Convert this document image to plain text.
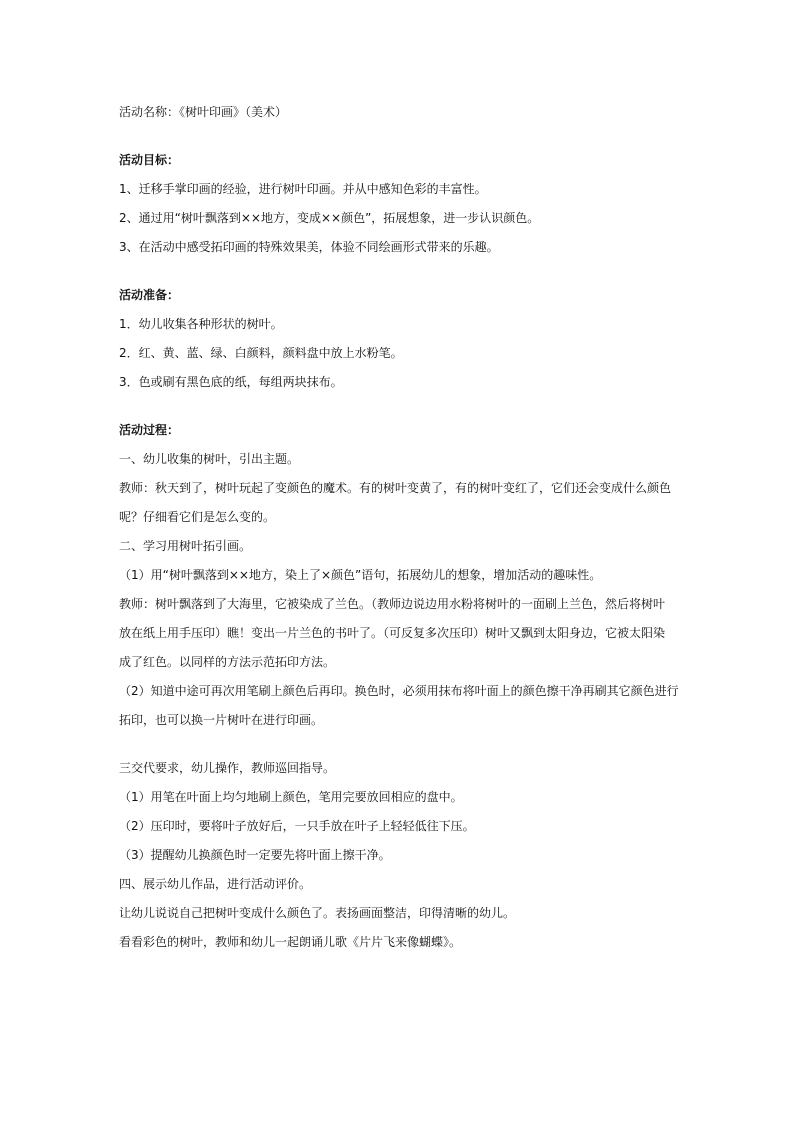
活动名称：《树叶印画》（美术）
活动目标：
1、迁移手掌印画的经验，进行树叶印画。并从中感知色彩的丰富性。
2、通过用“树叶飘落到××地方，变成××颜色”，拓展想象，进一步认识颜色。
3、在活动中感受拓印画的特殊效果美，体验不同绘画形式带来的乐趣。
活动准备：
1．幼儿收集各种形状的树叶。
2．红、黄、蓝、绿、白颜料，颜料盘中放上水粉笔。
3．色或刷有黑色底的纸，每组两块抹布。
活动过程：
一、幼儿收集的树叶，引出主题。
教师：秋天到了，树叶玩起了变颜色的魔术。有的树叶变黄了，有的树叶变红了，它们还会变成什么颜色
呢？仔细看它们是怎么变的。
二、学习用树叶拓引画。
（1）用“树叶飘落到××地方，染上了×颜色”语句，拓展幼儿的想象，增加活动的趣味性。
教师：树叶飘落到了大海里，它被染成了兰色。（教师边说边用水粉将树叶的一面刷上兰色，然后将树叶
放在纸上用手压印）瞧！变出一片兰色的书叶了。（可反复多次压印）树叶又飘到太阳身边，它被太阳染
成了红色。以同样的方法示范拓印方法。
（2）知道中途可再次用笔刷上颜色后再印。换色时，必须用抹布将叶面上的颜色擦干净再刷其它颜色进行
拓印，也可以换一片树叶在进行印画。
三交代要求，幼儿操作，教师巡回指导。
（1）用笔在叶面上均匀地刷上颜色，笔用完要放回相应的盘中。
（2）压印时，要将叶子放好后，一只手放在叶子上轻轻低往下压。
（3）提醒幼儿换颜色时一定要先将叶面上擦干净。
四、展示幼儿作品，进行活动评价。
让幼儿说说自己把树叶变成什么颜色了。表扬画面整洁，印得清晰的幼儿。
看看彩色的树叶，教师和幼儿一起朗诵儿歌《片片飞来像蝴蝶》。
